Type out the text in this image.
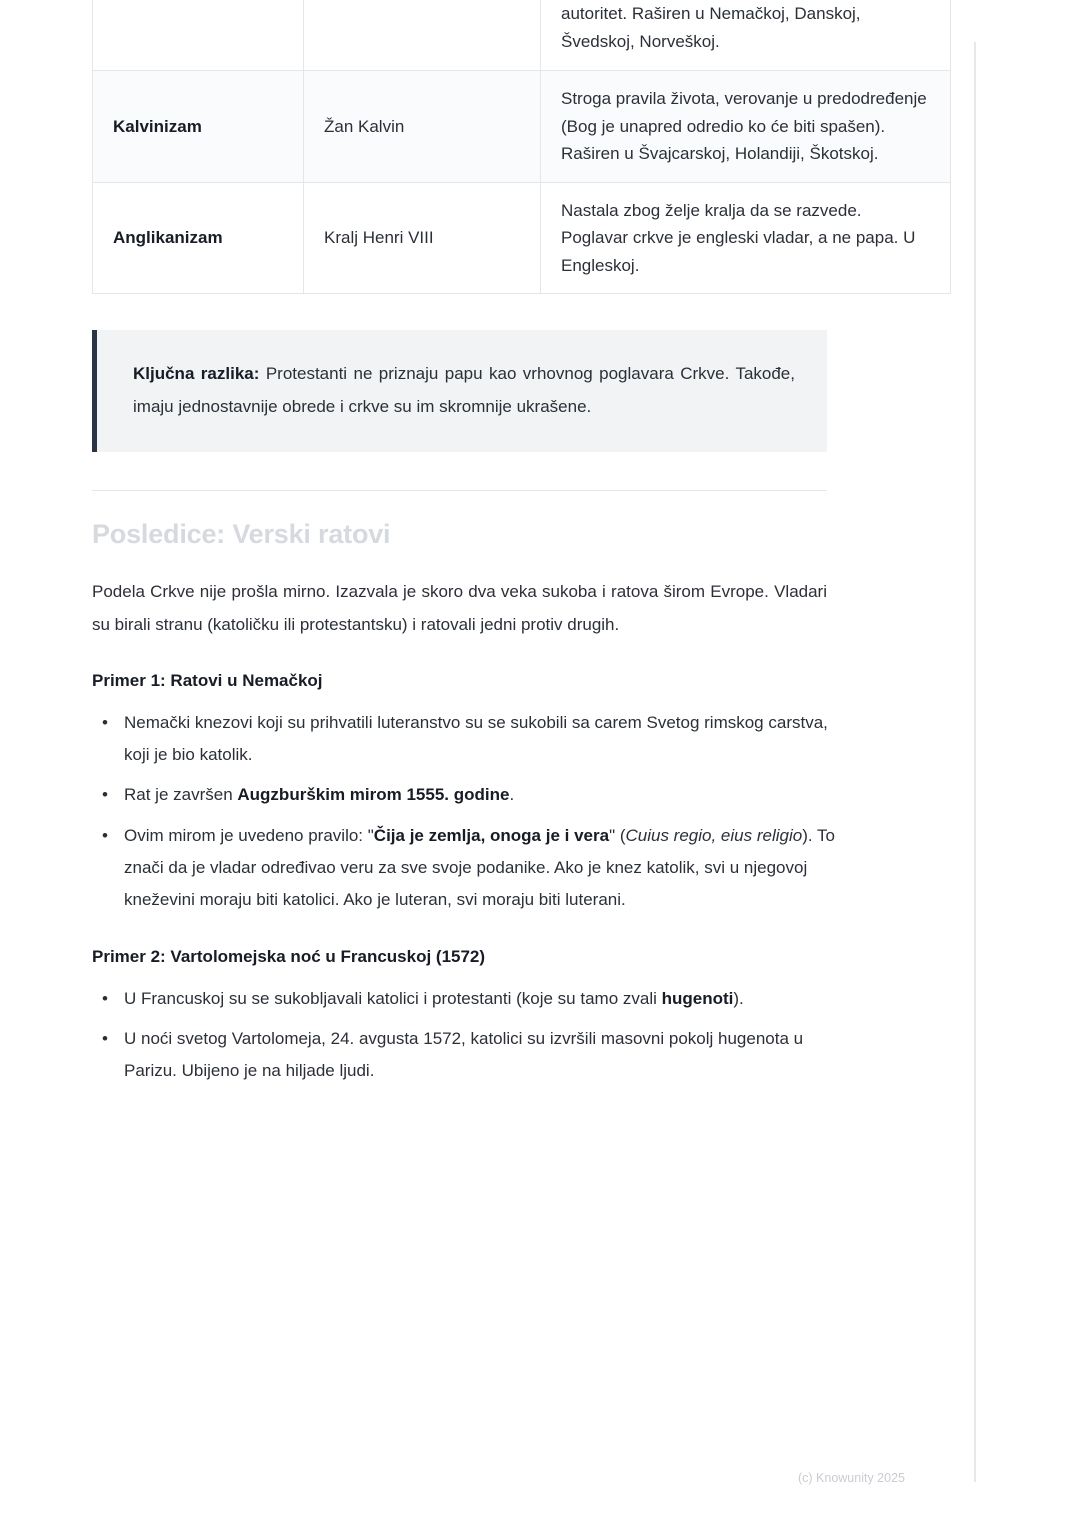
		autoritet. Raširen u Nemačkoj, Danskoj, Švedskoj, Norveškoj.
Kalvinizam	Žan Kalvin	Stroga pravila života, verovanje u predodređenje (Bog je unapred odredio ko će biti spašen). Raširen u Švajcarskoj, Holandiji, Škotskoj.
Anglikanizam	Kralj Henri VIII	Nastala zbog želje kralja da se razvede. Poglavar crkve je engleski vladar, a ne papa. U Engleskoj.
Ključna razlika: Protestanti ne priznaju papu kao vrhovnog poglavara Crkve. Takođe, imaju jednostavnije obrede i crkve su im skromnije ukrašene.
Posledice: Verski ratovi

Podela Crkve nije prošla mirno. Izazvala je skoro dva veka sukoba i ratova širom Evrope. Vladari su birali stranu (katoličku ili protestantsku) i ratovali jedni protiv drugih.

Primer 1: Ratovi u Nemačkoj
• Nemački knezovi koji su prihvatili luteranstvo su se sukobili sa carem Svetog rimskog carstva, koji je bio katolik.
• Rat je završen Augzburškim mirom 1555. godine.
• Ovim mirom je uvedeno pravilo: "Čija je zemlja, onoga je i vera" (Cuius regio, eius religio). To znači da je vladar određivao veru za sve svoje podanike. Ako je knez katolik, svi u njegovoj kneževini moraju biti katolici. Ako je luteran, svi moraju biti luterani.
Primer 2: Vartolomejska noć u Francuskoj (1572)
• U Francuskoj su se sukobljavali katolici i protestanti (koje su tamo zvali hugenoti).
• U noći svetog Vartolomeja, 24. avgusta 1572, katolici su izvršili masovni pokolj hugenota u Parizu. Ubijeno je na hiljade ljudi.
(c) Knowunity 2025
